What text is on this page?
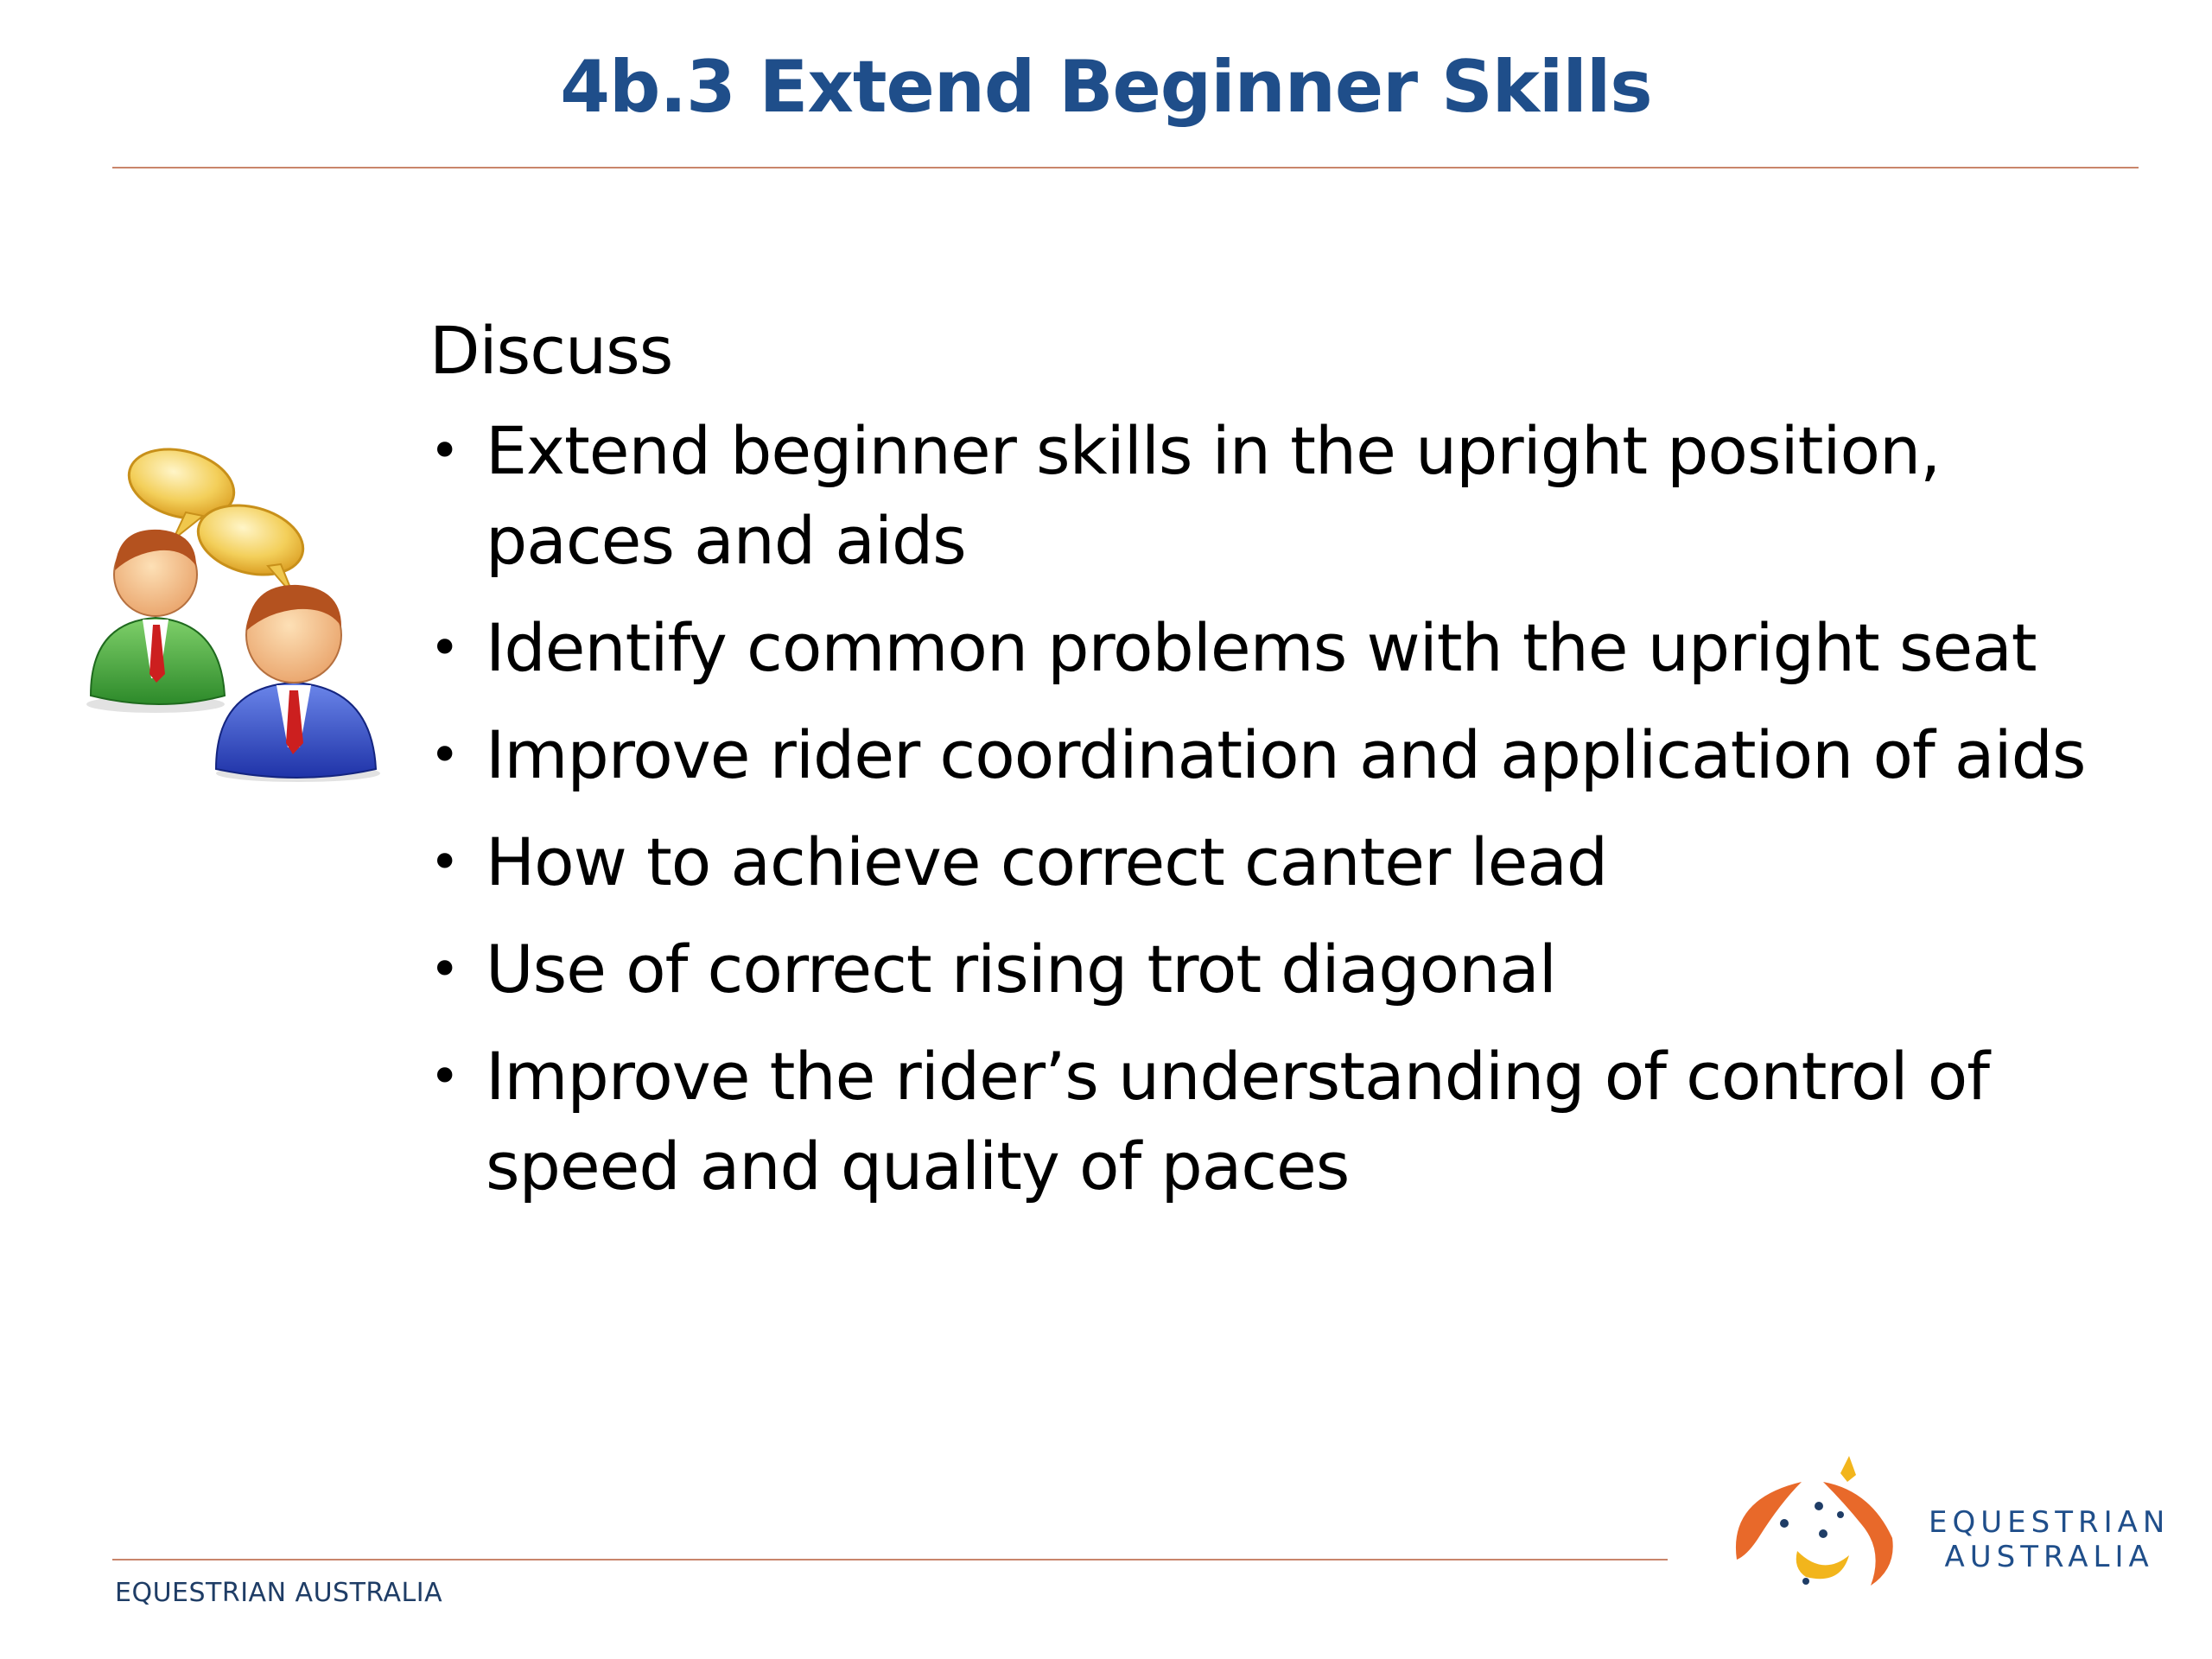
4b.3 Extend Beginner Skills
Discuss
• Extend beginner skills in the upright position, paces and aids
• Identify common problems with the upright seat
• Improve rider coordination and application of aids
• How to achieve correct canter lead
• Use of correct rising trot diagonal
• Improve the rider’s understanding of control of speed and quality of paces
EQUESTRIAN AUSTRALIA
EQUESTRIAN
AUSTRALIA
